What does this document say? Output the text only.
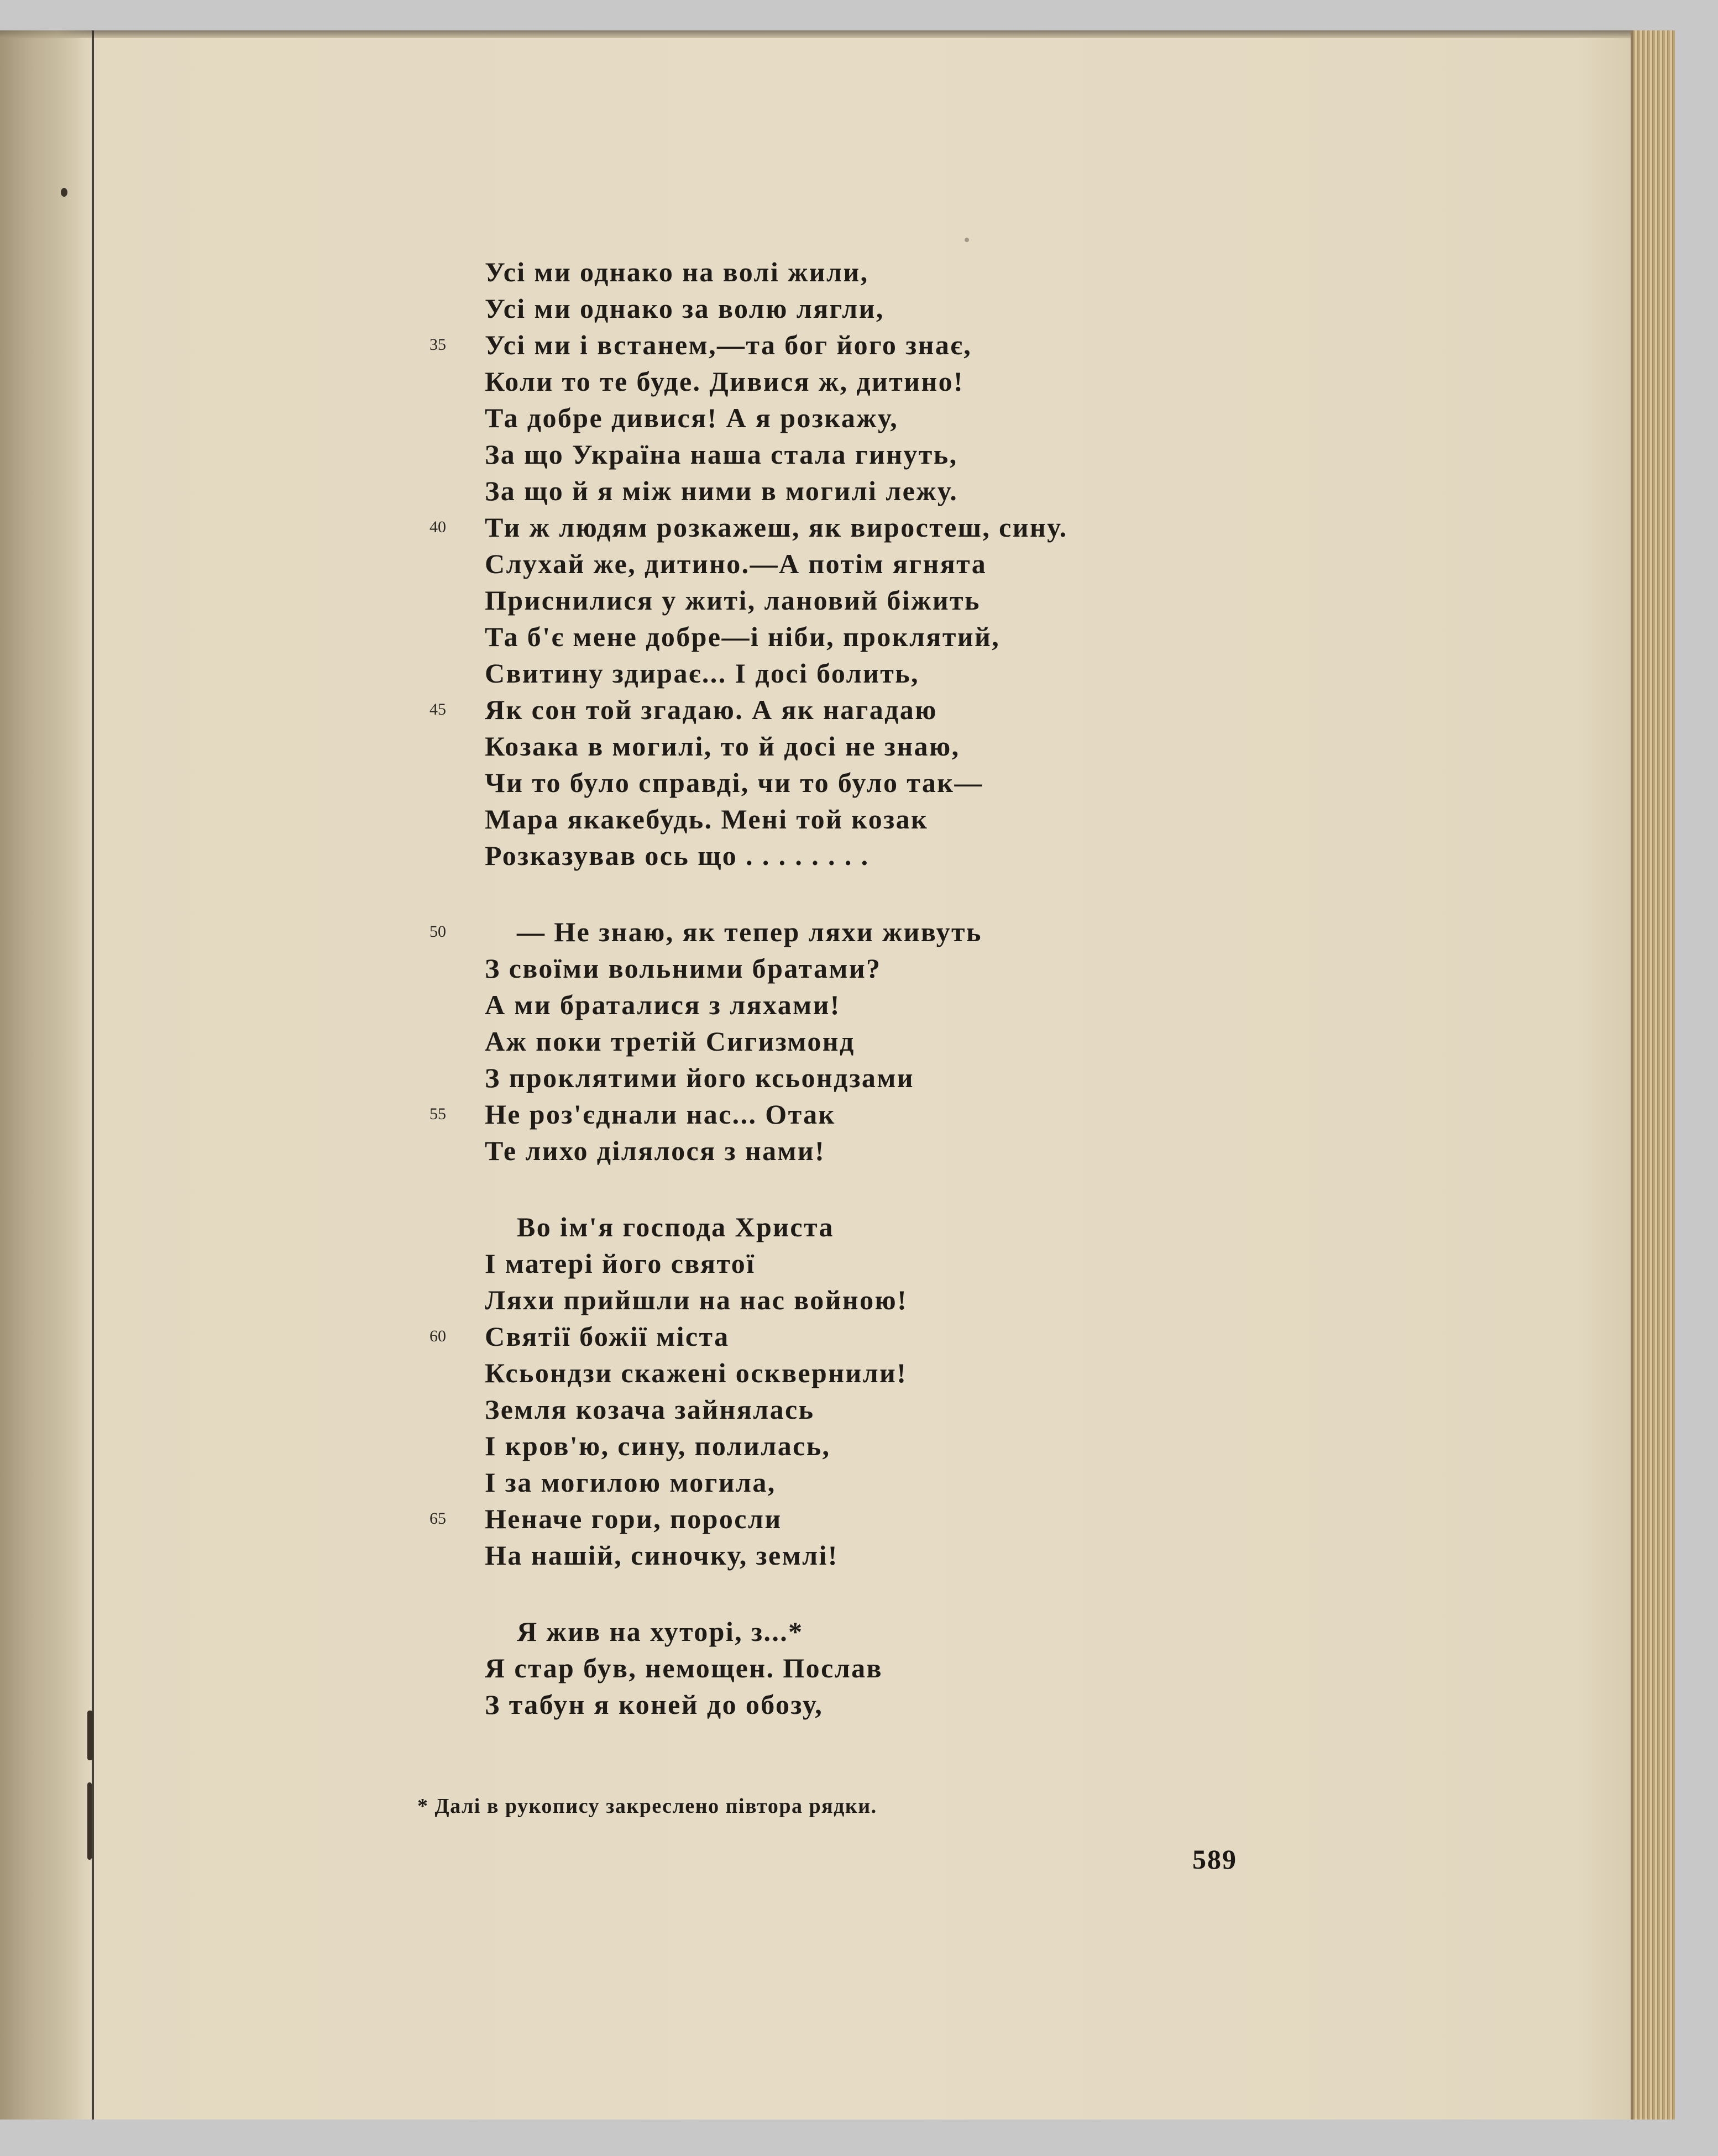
Усі ми однако на волі жили,
Усі ми однако за волю лягли,
35 Усі ми і встанем,—та бог його знає,
Коли то те буде. Дивися ж, дитино!
Та добре дивися! А я розкажу,
За що Україна наша стала гинуть,
За що й я між ними в могилі лежу.
40 Ти ж людям розкажеш, як виростеш, сину.
Слухай же, дитино.—А потім ягнята
Приснилися у житі, лановий біжить
Та б'є мене добре—і ніби, проклятий,
Свитину здирає... І досі болить,
45 Як сон той згадаю. А як нагадаю
Козака в могилі, то й досі не знаю,
Чи то було справді, чи то було так—
Мара якакебудь. Мені той козак
Розказував ось що . . . . . . . .
50	— Не знаю, як тепер ляхи живуть
З своїми вольними братами?
А ми браталися з ляхами!
Аж поки третій Сигизмонд
З проклятими його ксьондзами
55 Не роз'єднали нас... Отак
Те лихо ділялося з нами!
Во ім'я господа Христа
І матері його святої
Ляхи прийшли на нас войною!
60 Святії божії міста
Ксьондзи скажені осквернили!
Земля козача зайнялась
І кров'ю, сину, полилась,
І за могилою могила,
65 Неначе гори, поросли
На нашій, синочку, землі!
Я жив на хуторі, з...*
Я стар був, немощен. Послав
З табун я коней до обозу,
* Далі в рукопису закреслено півтора рядки.
589
